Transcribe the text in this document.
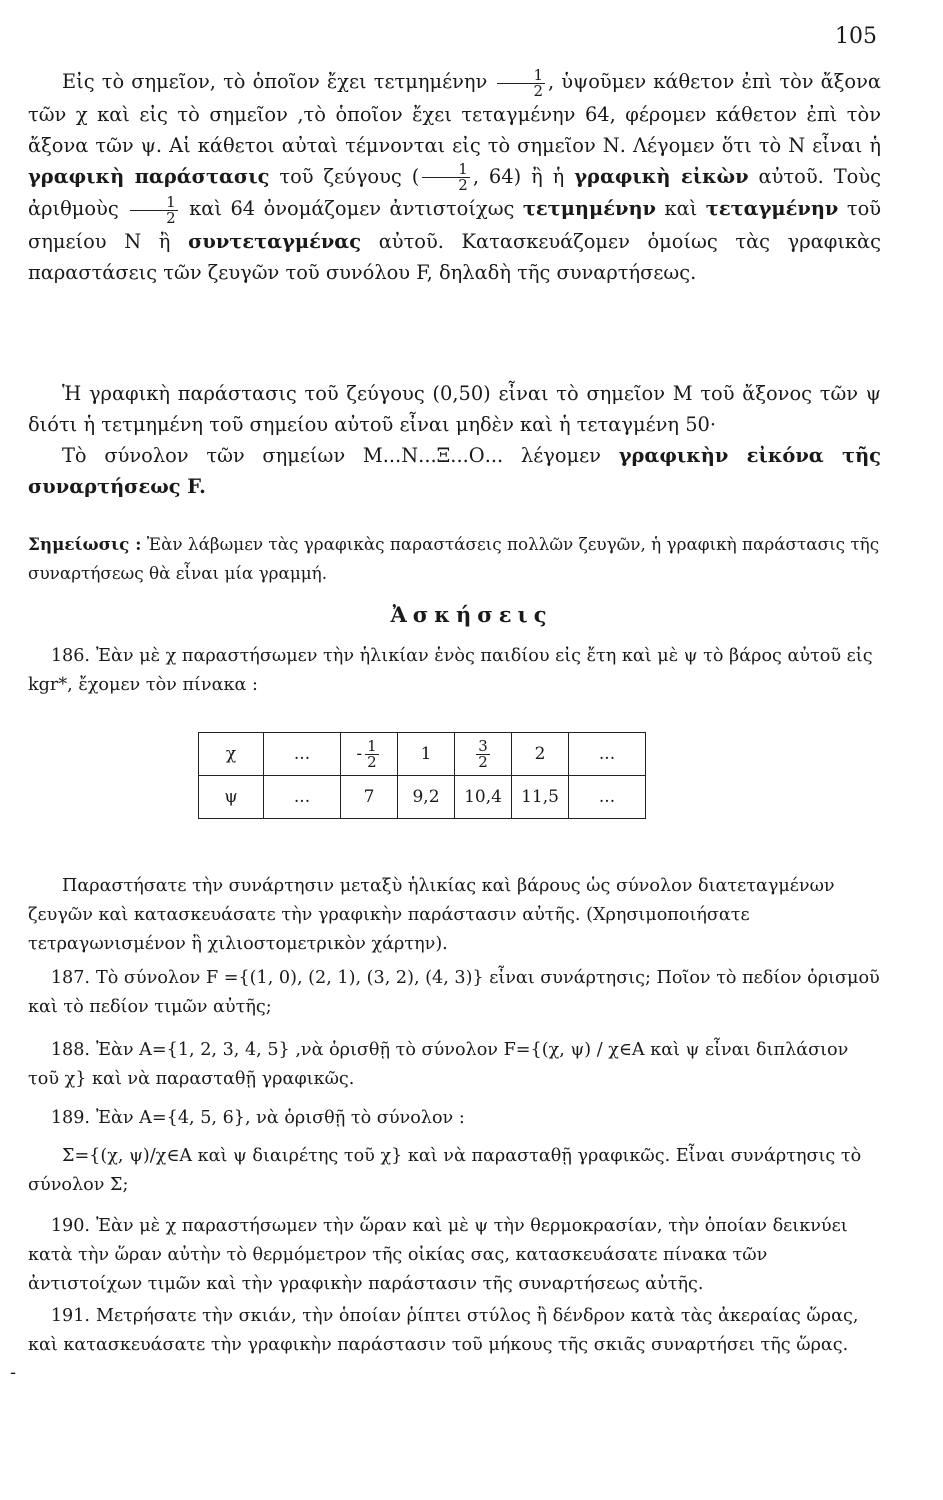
105
Εἰς τὸ σημεῖον, τὸ ὁποῖον ἔχει τετμημένην $\frac{1}{2}$ , ὑψοῦμεν κάθετον ἐπὶ τὸν ἄξονα τῶν χ καὶ εἰς τὸ σημεῖον ,τὸ ὁποῖον ἔχει τεταγμένην 64, φέρομεν κάθετον ἐπὶ τὸν ἄξονα τῶν ψ. Αἱ κάθετοι αὐταὶ τέμνονται εἰς τὸ σημεῖον Ν. Λέγομεν ὅτι τὸ Ν εἶναι ἡ γραφικὴ παράστασις τοῦ ζεύγους ( $\frac{1}{2}$ , 64) ἢ ἡ γραφικὴ εἰκὼν αὐτοῦ. Τοὺς ἀριθμοὺς $\frac{1}{2}$ καὶ 64 ὀνομάζομεν ἀντιστοίχως τετμημένην καὶ τεταγμένην τοῦ σημείου Ν ἢ συντεταγμένας αὐτοῦ. Κατασκευάζομεν ὁμοίως τὰς γραφικὰς παραστάσεις τῶν ζευγῶν τοῦ συνόλου F, δηλαδὴ τῆς συναρτήσεως.
Ἡ γραφικὴ παράστασις τοῦ ζεύγους (0,50) εἶναι τὸ σημεῖον Μ τοῦ ἄξονος τῶν ψ διότι ἡ τετμημένη τοῦ σημείου αὐτοῦ εἶναι μηδὲν καὶ ἡ τεταγμένη 50·
Τὸ σύνολον τῶν σημείων Μ...Ν...Ξ...Ο... λέγομεν γραφικὴν εἰκόνα τῆς συναρτήσεως F.
Σημείωσις : Ἐὰν λάβωμεν τὰς γραφικὰς παραστάσεις πολλῶν ζευγῶν, ἡ γραφικὴ παράστασις τῆς συναρτήσεως θὰ εἶναι μία γραμμή.
Ἀσκήσεις
186. Ἐὰν μὲ χ παραστήσωμεν τὴν ἡλικίαν ἑνὸς παιδίου εἰς ἔτη καὶ μὲ ψ τὸ βάρος αὐτοῦ εἰς kgr*, ἔχομεν τὸν πίνακα :
χ	...	- $\frac{1}{2}$	1	$\frac{3}{2}$	2	...
ψ	...	7	9,2	10,4	11,5	...
Παραστήσατε τὴν συνάρτησιν μεταξὺ ἡλικίας καὶ βάρους ὡς σύνολον διατεταγμένων ζευγῶν καὶ κατασκευάσατε τὴν γραφικὴν παράστασιν αὐτῆς. (Χρησιμοποιήσατε τετραγωνισμένον ἢ χιλιοστομετρικὸν χάρτην).
187. Τὸ σύνολον F ={(1, 0), (2, 1), (3, 2), (4, 3)} εἶναι συνάρτησις; Ποῖον τὸ πεδίον ὁρισμοῦ καὶ τὸ πεδίον τιμῶν αὐτῆς;
188. Ἐὰν A={1, 2, 3, 4, 5} ,νὰ ὁρισθῇ τὸ σύνολον F={(χ, ψ) / χ∈A καὶ ψ εἶναι διπλάσιον τοῦ χ} καὶ νὰ παρασταθῇ γραφικῶς.
189. Ἐὰν A={4, 5, 6}, νὰ ὁρισθῇ τὸ σύνολον :
Σ={(χ, ψ)/χ∈A καὶ ψ διαιρέτης τοῦ χ} καὶ νὰ παρασταθῇ γραφικῶς. Εἶναι συνάρτησις τὸ σύνολον Σ;
190. Ἐὰν μὲ χ παραστήσωμεν τὴν ὥραν καὶ μὲ ψ τὴν θερμοκρασίαν, τὴν ὁποίαν δεικνύει κατὰ τὴν ὥραν αὐτὴν τὸ θερμόμετρον τῆς οἰκίας σας, κατασκευάσατε πίνακα τῶν ἀντιστοίχων τιμῶν καὶ τὴν γραφικὴν παράστασιν τῆς συναρτήσεως αὐτῆς.
191. Μετρήσατε τὴν σκιάν, τὴν ὁποίαν ῥίπτει στύλος ἢ δένδρον κατὰ τὰς ἀκεραίας ὥρας, καὶ κατασκευάσατε τὴν γραφικὴν παράστασιν τοῦ μήκους τῆς σκιᾶς συναρτήσει τῆς ὥρας.
-
